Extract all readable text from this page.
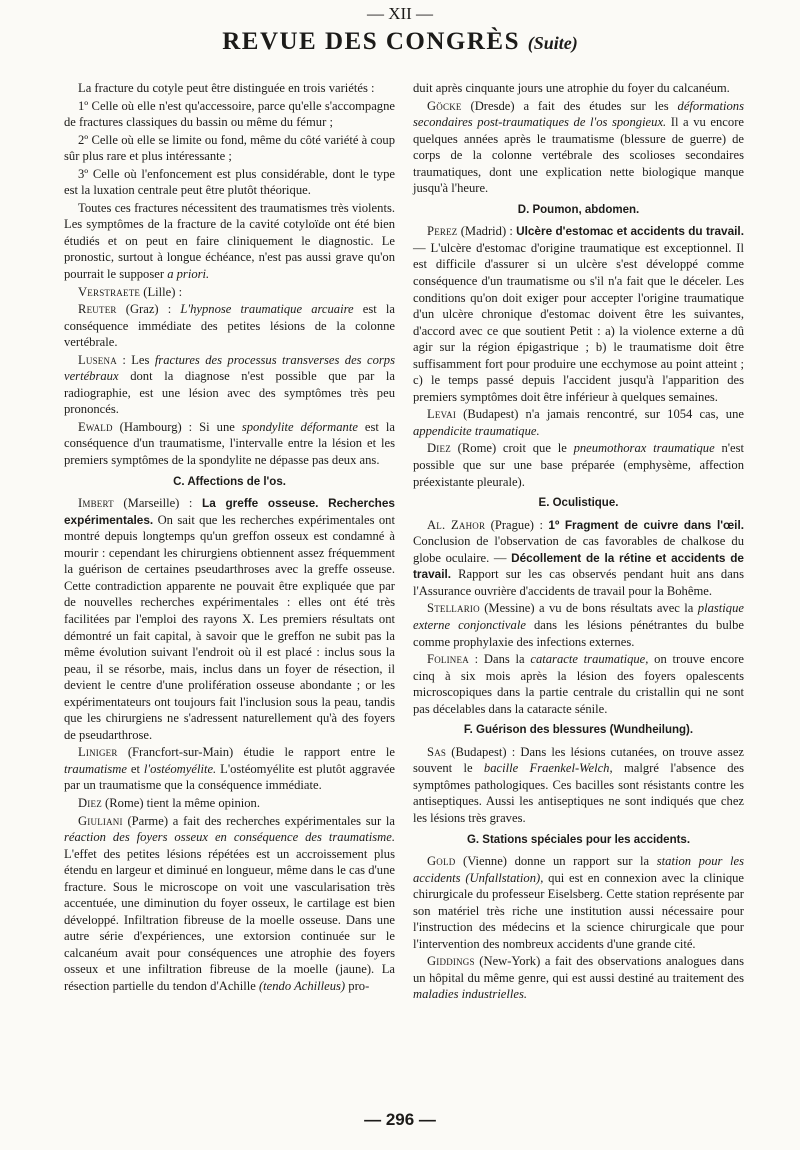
— XII —
REVUE DES CONGRÈS (Suite)

La fracture du cotyle peut être distinguée en trois variétés :

1º Celle où elle n'est qu'accessoire, parce qu'elle s'accompagne de fractures classiques du bassin ou même du fémur ;

2º Celle où elle se limite ou fond, même du côté variété à coup sûr plus rare et plus intéressante ;

3º Celle où l'enfoncement est plus considérable, dont le type est la luxation centrale peut être plutôt théorique.

Toutes ces fractures nécessitent des traumatismes très violents. Les symptômes de la fracture de la cavité cotyloïde ont été bien étudiés et on peut en faire cliniquement le diagnostic. Le pronostic, surtout à longue échéance, n'est pas aussi grave qu'on pourrait le supposer a priori.

Verstraete (Lille) :

Reuter (Graz) : L'hypnose traumatique arcuaire est la conséquence immédiate des petites lésions de la colonne vertébrale.

Lusena : Les fractures des processus transverses des corps vertébraux dont la diagnose n'est possible que par la radiographie, est une lésion avec des symptômes très peu prononcés.

Ewald (Hambourg) : Si une spondylite déformante est la conséquence d'un traumatisme, l'intervalle entre la lésion et les premiers symptômes de la spondylite ne dépasse pas deux ans.

C. Affections de l'os.

Imbert (Marseille) : La greffe osseuse. Recherches expérimentales. On sait que les recherches expérimentales ont montré depuis longtemps qu'un greffon osseux est condamné à mourir : cependant les chirurgiens obtiennent assez fréquemment la guérison de certaines pseudarthroses avec la greffe osseuse. Cette contradiction apparente ne pouvait être expliquée que par de nouvelles recherches expérimentales : elles ont été très facilitées par l'emploi des rayons X. Les premiers résultats ont démontré un fait capital, à savoir que le greffon ne subit pas la même évolution suivant l'endroit où il est placé : inclus sous la peau, il se résorbe, mais, inclus dans un foyer de résection, il devient le centre d'une prolifération osseuse abondante ; or les expérimentateurs ont toujours fait l'inclusion sous la peau, tandis que les chirurgiens ne s'adressent naturellement qu'à des foyers de pseudarthrose.

Liniger (Francfort-sur-Main) étudie le rapport entre le traumatisme et l'ostéomyélite. L'ostéomyélite est plutôt aggravée par un traumatisme que la conséquence immédiate.

Diez (Rome) tient la même opinion.

Giuliani (Parme) a fait des recherches expérimentales sur la réaction des foyers osseux en conséquence des traumatisme. L'effet des petites lésions répétées est un accroissement plus étendu en largeur et diminué en longueur, même dans le cas d'une fracture. Sous le microscope on voit une vascularisation très accentuée, une diminution du foyer osseux, le cartilage est bien développé. Infiltration fibreuse de la moelle osseuse. Dans une autre série d'expériences, une extorsion continuée sur le calcanéum avait pour conséquences une atrophie des foyers osseux et une infiltration fibreuse de la moelle (jaune). La résection partielle du tendon d'Achille (tendo Achilleus) pro-

duit après cinquante jours une atrophie du foyer du calcanéum.

Göcke (Dresde) a fait des études sur les déformations secondaires post-traumatiques de l'os spongieux. Il a vu encore quelques années après le traumatisme (blessure de guerre) de corps de la colonne vertébrale des scolioses secondaires traumatiques, dont une explication nette biologique manque jusqu'à l'heure.

D. Poumon, abdomen.

Perez (Madrid) : Ulcère d'estomac et accidents du travail. — L'ulcère d'estomac d'origine traumatique est exceptionnel. Il est difficile d'assurer si un ulcère s'est développé comme conséquence d'un traumatisme ou s'il n'a fait que le déceler. Les conditions qu'on doit exiger pour accepter l'origine traumatique d'un ulcère chronique d'estomac doivent être les suivantes, d'accord avec ce que soutient Petit : a) la violence externe a dû agir sur la région épigastrique ; b) le traumatisme doit être suffisamment fort pour produire une ecchymose au point atteint ; c) le temps passé depuis l'accident jusqu'à l'apparition des premiers symptômes doit être inférieur à quelques semaines.

Levai (Budapest) n'a jamais rencontré, sur 1054 cas, une appendicite traumatique.

Diez (Rome) croit que le pneumothorax traumatique n'est possible que sur une base préparée (emphysème, affection préexistante pleurale).

E. Oculistique.

Al. Zahor (Prague) : 1º Fragment de cuivre dans l'œil. Conclusion de l'observation de cas favorables de chalkose du globe oculaire. — Décollement de la rétine et accidents de travail. Rapport sur les cas observés pendant huit ans dans l'Assurance ouvrière d'accidents de travail pour la Bohême.

Stellario (Messine) a vu de bons résultats avec la plastique externe conjonctivale dans les lésions pénétrantes du bulbe comme prophylaxie des infections externes.

Folinea : Dans la cataracte traumatique, on trouve encore cinq à six mois après la lésion des foyers opalescents microscopiques dans la partie centrale du cristallin qui ne sont pas décelables dans la cataracte sénile.

F. Guérison des blessures (Wundheilung).

Sas (Budapest) : Dans les lésions cutanées, on trouve assez souvent le bacille Fraenkel-Welch, malgré l'absence des symptômes pathologiques. Ces bacilles sont résistants contre les antiseptiques. Aussi les antiseptiques ne sont indiqués que chez les lésions très graves.

G. Stations spéciales pour les accidents.

Gold (Vienne) donne un rapport sur la station pour les accidents (Unfallstation), qui est en connexion avec la clinique chirurgicale du professeur Eiselsberg. Cette station représente par son matériel très riche une institution aussi nécessaire pour l'instruction des médecins et la science chirurgicale que pour l'intervention des nombreux accidents d'une grande cité.

Giddings (New-York) a fait des observations analogues dans un hôpital du même genre, qui est aussi destiné au traitement des maladies industrielles.

— 296 —
